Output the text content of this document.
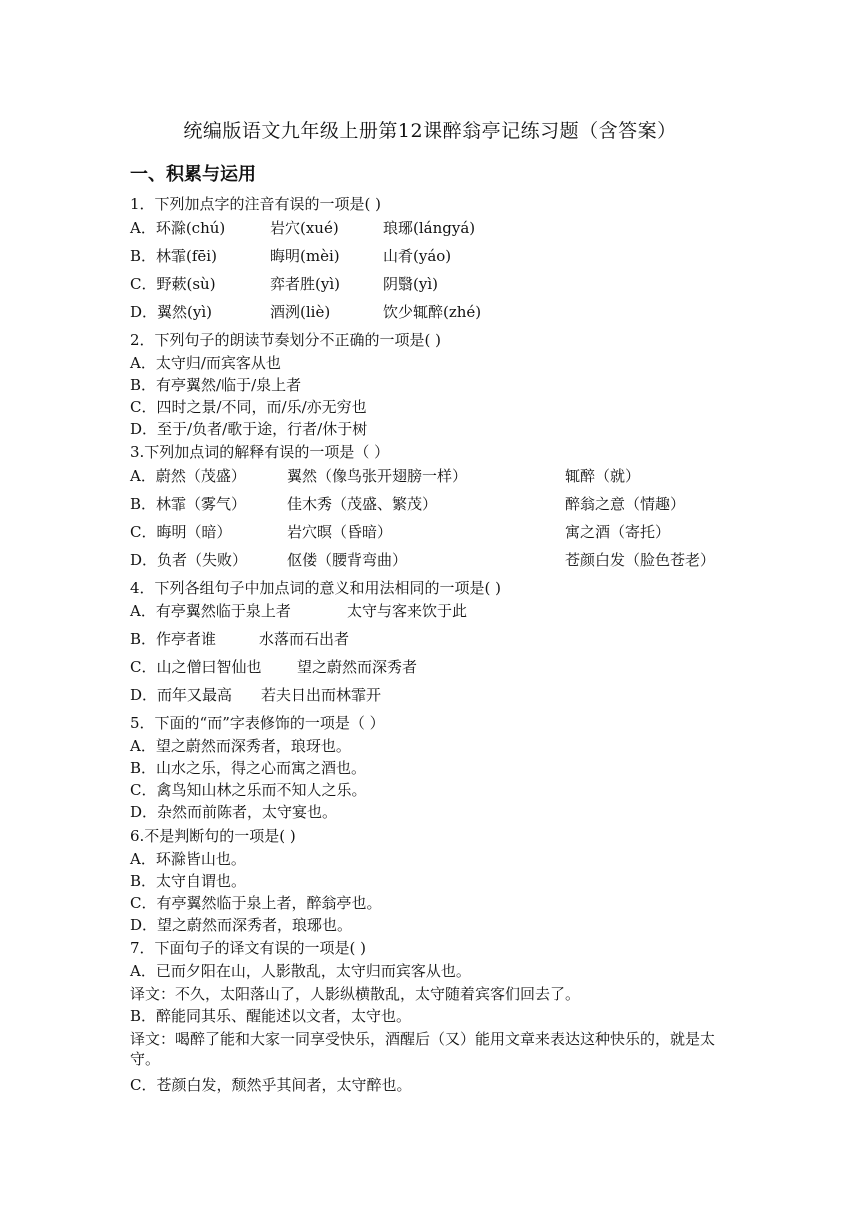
统编版语文九年级上册第12课醉翁亭记练习题（含答案）
一、积累与运用
1．下列加点字的注音有误的一项是( )
A．环滁(chú)	岩穴(xué)	琅琊(lángyá)
B．林霏(fēi)	晦明(mèi)	山肴(yáo)
C．野蔌(sù)	弈者胜(yì)	阴翳(yì)
D．翼然(yì)	酒洌(liè)	饮少辄醉(zhé)
2．下列句子的朗读节奏划分不正确的一项是( )
A．太守归/而宾客从也
B．有亭翼然/临于/泉上者
C．四时之景/不同，而/乐/亦无穷也
D．至于/负者/歌于途，行者/休于树
3.下列加点词的解释有误的一项是（ ）
A．蔚然（茂盛）	翼然（像鸟张开翅膀一样）	辄醉（就）
B．林霏（雾气）	佳木秀（茂盛、繁茂）	醉翁之意（情趣）
C．晦明（暗）	岩穴暝（昏暗）	寓之酒（寄托）
D．负者（失败）	伛偻（腰背弯曲）	苍颜白发（脸色苍老）
4．下列各组句子中加点词的意义和用法相同的一项是( )
A．有亭翼然临于泉上者	太守与客来饮于此
B．作亭者谁	水落而石出者
C．山之僧曰智仙也 望之蔚然而深秀者
D．而年又最高 若夫日出而林霏开
5．下面的“而”字表修饰的一项是（ ）
A．望之蔚然而深秀者，琅玡也。
B．山水之乐，得之心而寓之酒也。
C．禽鸟知山林之乐而不知人之乐。
D．杂然而前陈者，太守宴也。
6.不是判断句的一项是( )
A．环滁皆山也。
B．太守自谓也。
C．有亭翼然临于泉上者，醉翁亭也。
D．望之蔚然而深秀者，琅琊也。
7．下面句子的译文有误的一项是( )
A．已而夕阳在山，人影散乱，太守归而宾客从也。
译文：不久，太阳落山了，人影纵横散乱，太守随着宾客们回去了。
B．醉能同其乐、醒能述以文者，太守也。
译文：喝醉了能和大家一同享受快乐，酒醒后（又）能用文章来表达这种快乐的，就是太守。
C．苍颜白发，颓然乎其间者，太守醉也。
